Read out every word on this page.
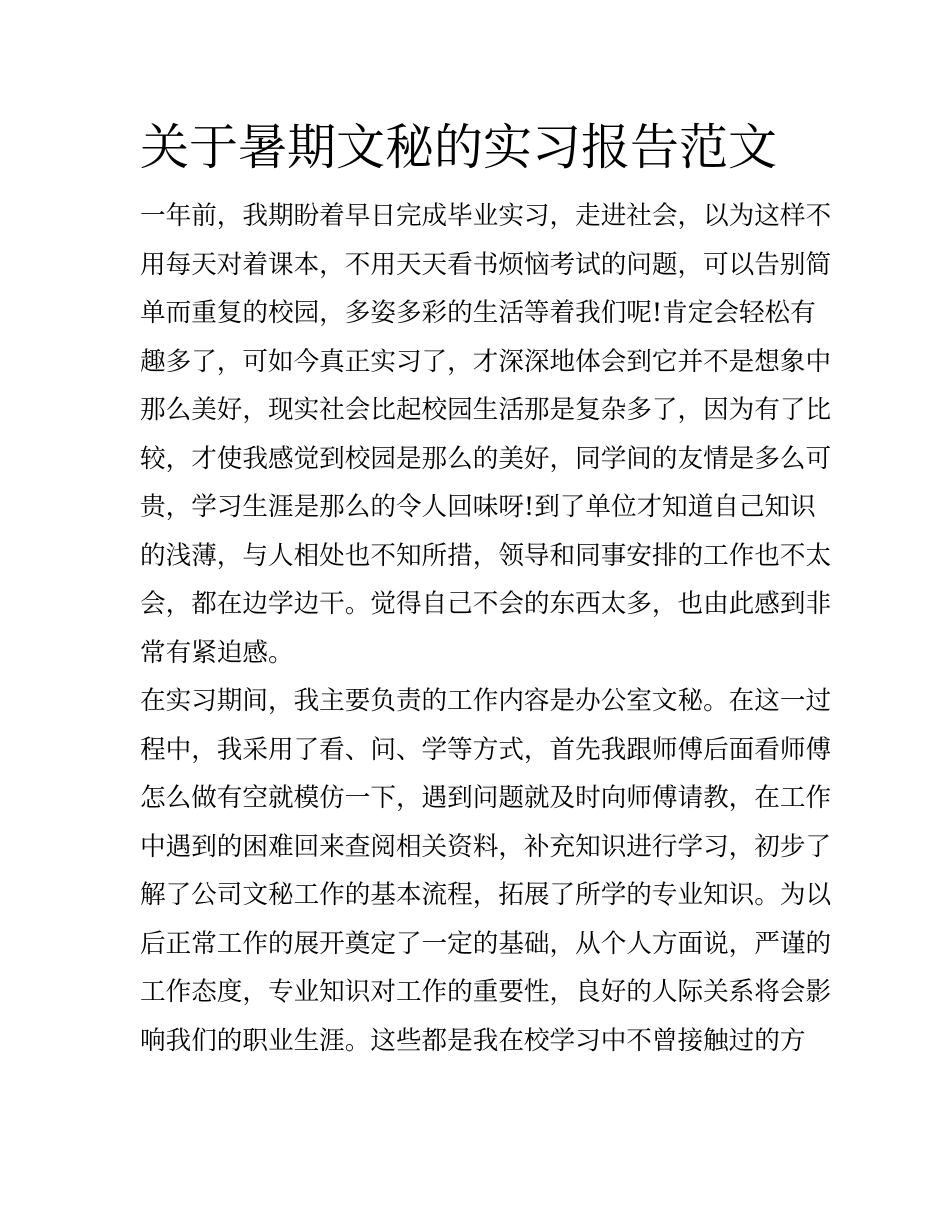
关于暑期文秘的实习报告范文
一年前，我期盼着早日完成毕业实习，走进社会，以为这样不
用每天对着课本，不用天天看书烦恼考试的问题，可以告别简
单而重复的校园，多姿多彩的生活等着我们呢!肯定会轻松有
趣多了，可如今真正实习了，才深深地体会到它并不是想象中
那么美好，现实社会比起校园生活那是复杂多了，因为有了比
较，才使我感觉到校园是那么的美好，同学间的友情是多么可
贵，学习生涯是那么的令人回味呀!到了单位才知道自己知识
的浅薄，与人相处也不知所措，领导和同事安排的工作也不太
会，都在边学边干。觉得自己不会的东西太多，也由此感到非
常有紧迫感。
在实习期间，我主要负责的工作内容是办公室文秘。在这一过
程中，我采用了看、问、学等方式，首先我跟师傅后面看师傅
怎么做有空就模仿一下，遇到问题就及时向师傅请教，在工作
中遇到的困难回来查阅相关资料，补充知识进行学习，初步了
解了公司文秘工作的基本流程，拓展了所学的专业知识。为以
后正常工作的展开奠定了一定的基础，从个人方面说，严谨的
工作态度，专业知识对工作的重要性，良好的人际关系将会影
响我们的职业生涯。这些都是我在校学习中不曾接触过的方
